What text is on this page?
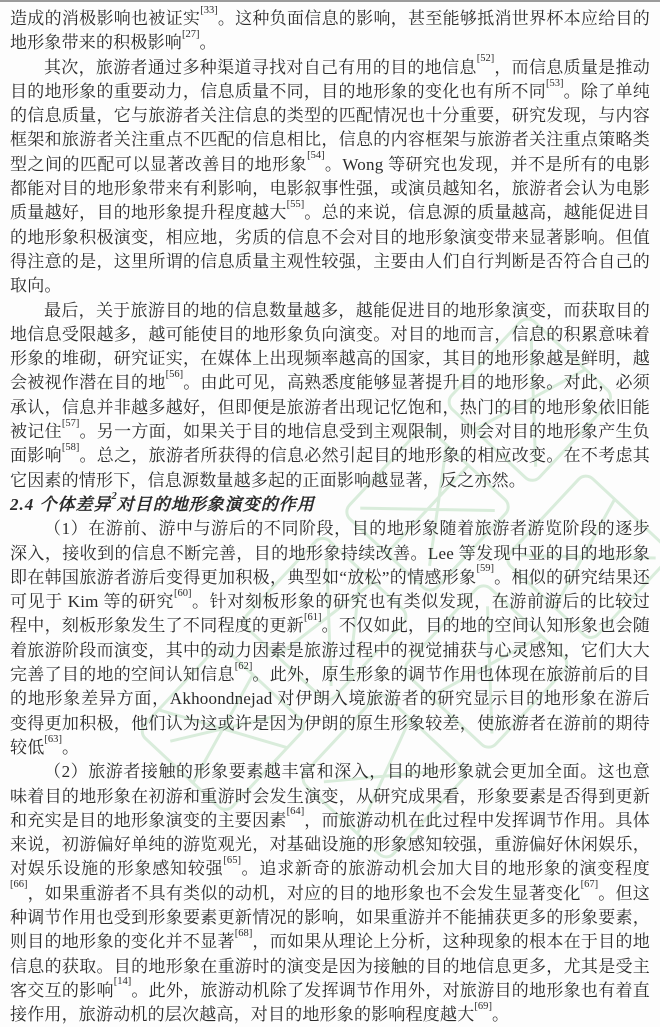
造成的消极影响也被证实[33]。这种负面信息的影响，甚至能够抵消世界杯本应给目的地形象带来的积极影响[27]。

其次，旅游者通过多种渠道寻找对自己有用的目的地信息[52]，而信息质量是推动目的地形象的重要动力，信息质量不同，目的地形象的变化也有所不同[53]。除了单纯的信息质量，它与旅游者关注信息的类型的匹配情况也十分重要，研究发现，与内容框架和旅游者关注重点不匹配的信息相比，信息的内容框架与旅游者关注重点策略类型之间的匹配可以显著改善目的地形象[54]。Wong 等研究也发现，并不是所有的电影都能对目的地形象带来有利影响，电影叙事性强，或演员越知名，旅游者会认为电影质量越好，目的地形象提升程度越大[55]。总的来说，信息源的质量越高，越能促进目的地形象积极演变，相应地，劣质的信息不会对目的地形象演变带来显著影响。但值得注意的是，这里所谓的信息质量主观性较强，主要由人们自行判断是否符合自己的取向。

最后，关于旅游目的地的信息数量越多，越能促进目的地形象演变，而获取目的地信息受限越多，越可能使目的地形象负向演变。对目的地而言，信息的积累意味着形象的堆砌，研究证实，在媒体上出现频率越高的国家，其目的地形象越是鲜明，越会被视作潜在目的地[56]。由此可见，高熟悉度能够显著提升目的地形象。对此，必须承认，信息并非越多越好，但即便是旅游者出现记忆饱和，热门的目的地形象依旧能被记住[57]。另一方面，如果关于目的地信息受到主观限制，则会对目的地形象产生负面影响[58]。总之，旅游者所获得的信息必然引起目的地形象的相应改变。在不考虑其它因素的情形下，信息源数量越多起的正面影响越显著，反之亦然。

2.4 个体差异$^2$对目的地形象演变的作用

（1）在游前、游中与游后的不同阶段，目的地形象随着旅游者游览阶段的逐步深入，接收到的信息不断完善，目的地形象持续改善。Lee 等发现中亚的目的地形象即在韩国旅游者游后变得更加积极，典型如“放松”的情感形象[59]。相似的研究结果还可见于 Kim 等的研究[60]。针对刻板形象的研究也有类似发现，在游前游后的比较过程中，刻板形象发生了不同程度的更新[61]。不仅如此，目的地的空间认知形象也会随着旅游阶段而演变，其中的动力因素是旅游过程中的视觉捕获与心灵感知，它们大大完善了目的地的空间认知信息[62]。此外，原生形象的调节作用也体现在旅游前后的目的地形象差异方面，Akhoondnejad 对伊朗入境旅游者的研究显示目的地形象在游后变得更加积极，他们认为这或许是因为伊朗的原生形象较差，使旅游者在游前的期待较低[63]。

（2）旅游者接触的形象要素越丰富和深入，目的地形象就会更加全面。这也意味着目的地形象在初游和重游时会发生演变，从研究成果看，形象要素是否得到更新和充实是目的地形象演变的主要因素[64]，而旅游动机在此过程中发挥调节作用。具体来说，初游偏好单纯的游览观光，对基础设施的形象感知较强，重游偏好休闲娱乐，对娱乐设施的形象感知较强[65]。追求新奇的旅游动机会加大目的地形象的演变程度[66]，如果重游者不具有类似的动机，对应的目的地形象也不会发生显著变化[67]。但这种调节作用也受到形象要素更新情况的影响，如果重游并不能捕获更多的形象要素，则目的地形象的变化并不显著[68]，而如果从理论上分析，这种现象的根本在于目的地信息的获取。目的地形象在重游时的演变是因为接触的目的地信息更多，尤其是受主客交互的影响[14]。此外，旅游动机除了发挥调节作用外，对旅游目的地形象也有着直接作用，旅游动机的层次越高，对目的地形象的影响程度越大[69]。
